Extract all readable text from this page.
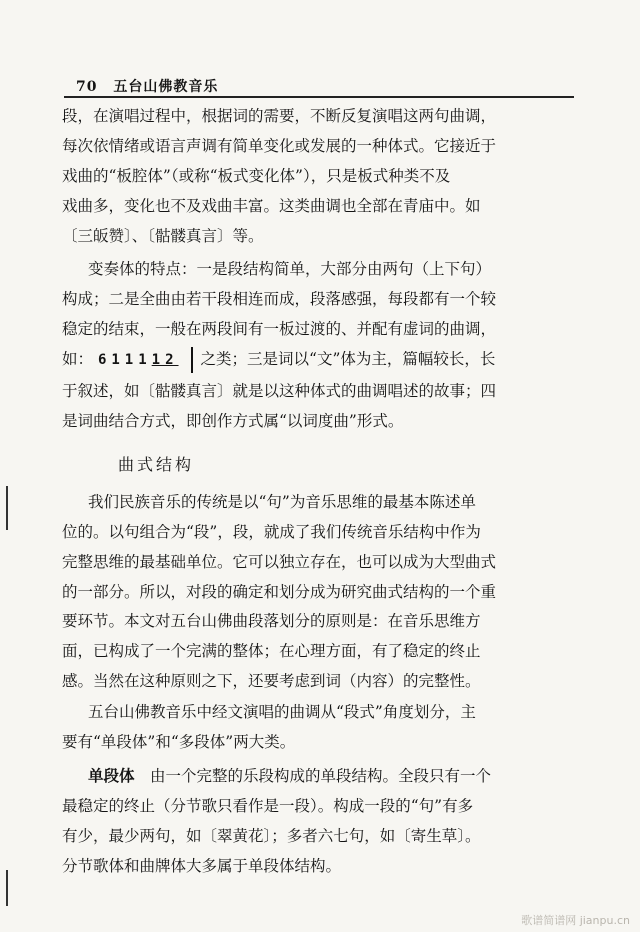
70 五台山佛教音乐
段，在演唱过程中，根据词的需要，不断反复演唱这两句曲调，
每次依情绪或语言声调有简单变化或发展的一种体式。它接近于
戏曲的“板腔体”（或称“板式变化体”），只是板式种类不及
戏曲多，变化也不及戏曲丰富。这类曲调也全部在青庙中。如
〔三皈赞〕、〔骷髅真言〕等。
变奏体的特点：一是段结构简单，大部分由两句（上下句）
构成；二是全曲由若干段相连而成，段落感强，每段都有一个较
稳定的结束，一般在两段间有一板过渡的、并配有虚词的曲调，
如： 611112 之类；三是词以“文”体为主，篇幅较长，长
于叙述，如〔骷髅真言〕就是以这种体式的曲调唱述的故事；四
是词曲结合方式，即创作方式属“以词度曲”形式。
曲式结构
我们民族音乐的传统是以“句”为音乐思维的最基本陈述单
位的。以句组合为“段”，段，就成了我们传统音乐结构中作为
完整思维的最基础单位。它可以独立存在，也可以成为大型曲式
的一部分。所以，对段的确定和划分成为研究曲式结构的一个重
要环节。本文对五台山佛曲段落划分的原则是：在音乐思维方
面，已构成了一个完满的整体；在心理方面，有了稳定的终止
感。当然在这种原则之下，还要考虑到词（内容）的完整性。
五台山佛教音乐中经文演唱的曲调从“段式”角度划分，主
要有“单段体”和“多段体”两大类。
单段体  由一个完整的乐段构成的单段结构。全段只有一个
最稳定的终止（分节歌只看作是一段）。构成一段的“句”有多
有少，最少两句，如〔翠黄花〕；多者六七句，如〔寄生草〕。
分节歌体和曲牌体大多属于单段体结构。
歌谱简谱网 jianpu.cn
